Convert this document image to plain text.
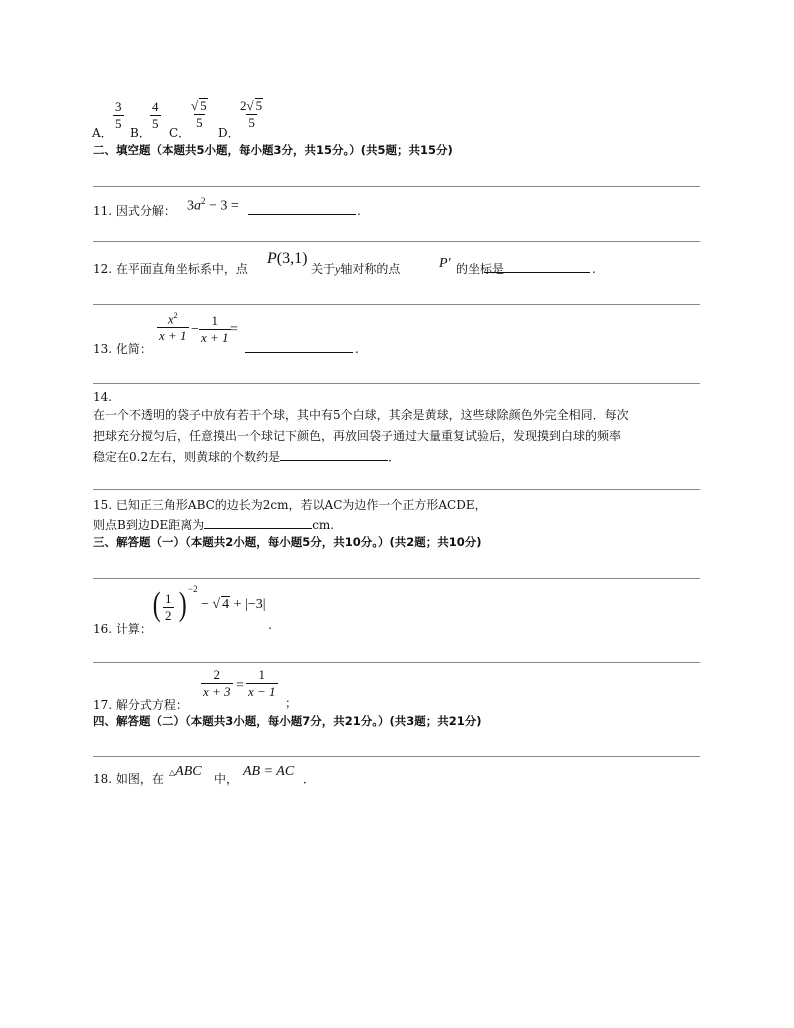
A．
$\frac{3}{5}$
B．
$\frac{4}{5}$
C．
$\frac{√ 5}{5}$
D．
$\frac{2√ 5}{5}$
二、填空题（本题共5小题，每小题3分，共15分。）(共5题；共15分)
11. 因式分解： $3a^2 - 3$ =	.
12. 在平面直角坐标系中，点
P(3,1)
关于y轴对称的点	P′ 的坐标是	.
13. 化简：
$\frac{x^2}{x + 1} - \frac{1}{x + 1}$ =
.
14.
在一个不透明的袋子中放有若干个球，其中有5个白球，其余是黄球，这些球除颜色外完全相同．每次
把球充分搅匀后，任意摸出一个球记下颜色，再放回袋子通过大量重复试验后，发现摸到白球的频率
稳定在0.2左右，则黄球的个数约是	．
15. 已知正三角形ABC的边长为2cm，若以AC为边作一个正方形ACDE，
则点B到边DE距离为	cm.
三、解答题（一）（本题共2小题，每小题5分，共10分。）(共2题；共10分)
16. 计算：
( $\frac{1}{2}$ ) −2
− √ 4 + |−3|
.
17. 解分式方程：
$\frac{2}{x + 3} = \frac{1}{x - 1}$
；
四、解答题（二）（本题共3小题，每小题7分，共21分。）(共3题；共21分)
18. 如图，在 △ABC 中， AB = AC ．
